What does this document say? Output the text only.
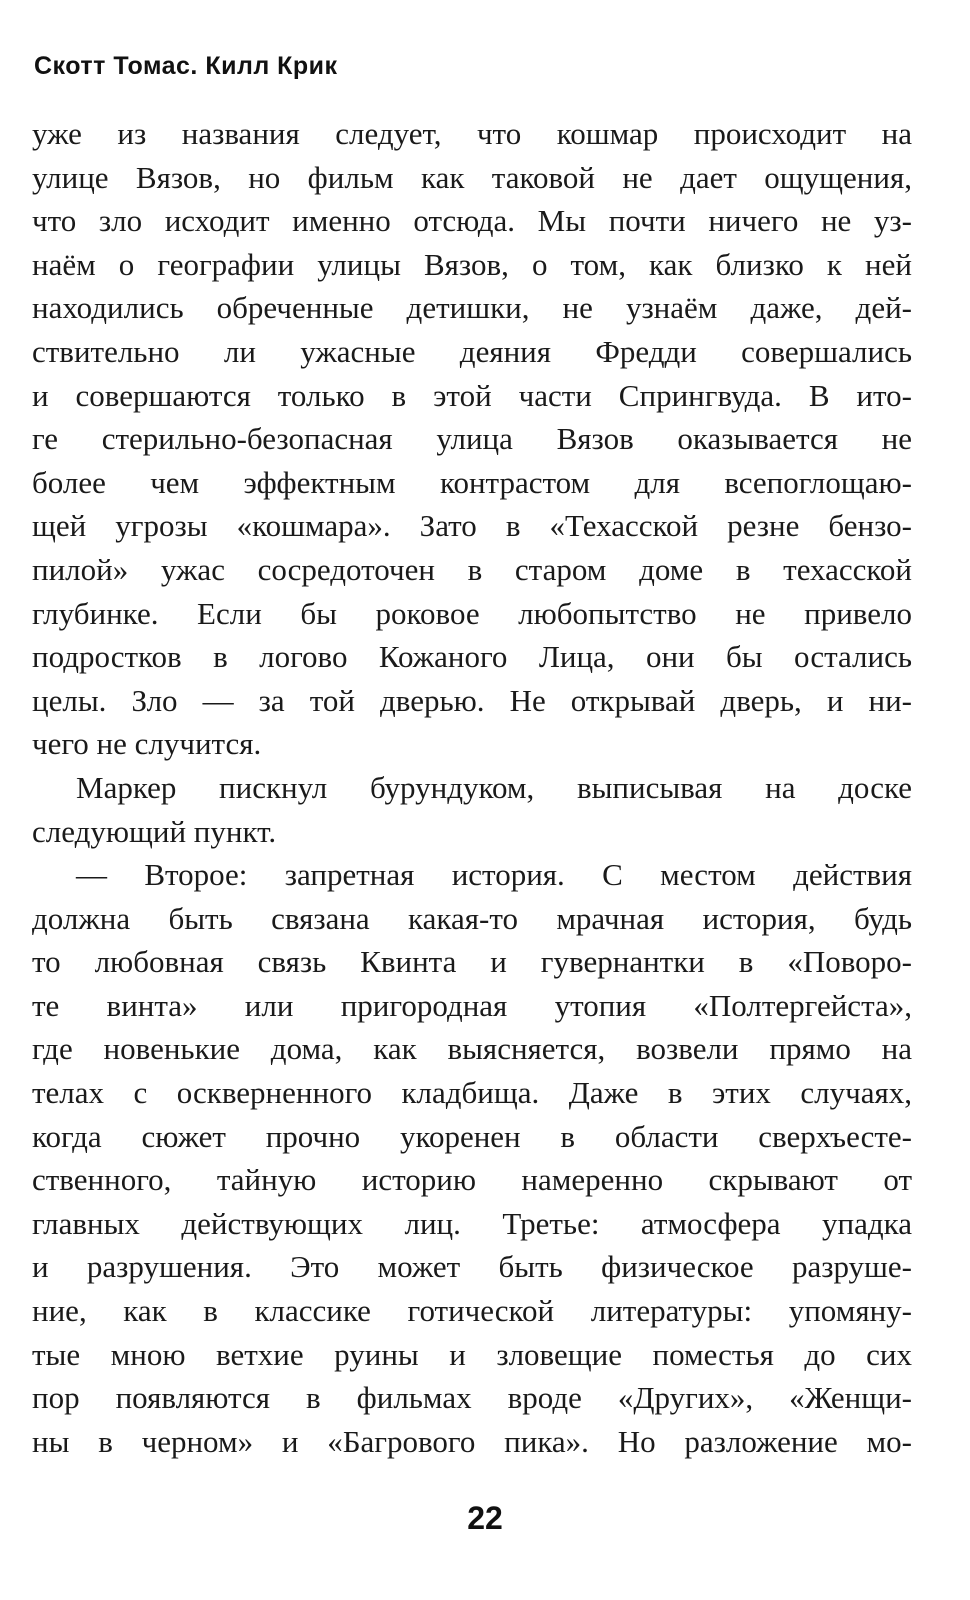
Скотт Томас. Килл Крик
уже из названия следует, что кошмар происходит на
улице Вязов, но фильм как таковой не дает ощущения,
что зло исходит именно отсюда. Мы почти ничего не уз-
наём о географии улицы Вязов, о том, как близко к ней
находились обреченные детишки, не узнаём даже, дей-
ствительно ли ужасные деяния Фредди совершались
и совершаются только в этой части Спрингвуда. В ито-
ге стерильно-безопасная улица Вязов оказывается не
более чем эффектным контрастом для всепоглощаю-
щей угрозы «кошмара». Зато в «Техасской резне бензо-
пилой» ужас сосредоточен в старом доме в техасской
глубинке. Если бы роковое любопытство не привело
подростков в логово Кожаного Лица, они бы остались
целы. Зло — за той дверью. Не открывай дверь, и ни-
чего не случится.
Маркер пискнул бурундуком, выписывая на доске
следующий пункт.
— Второе: запретная история. С местом действия
должна быть связана какая-то мрачная история, будь
то любовная связь Квинта и гувернантки в «Поворо-
те винта» или пригородная утопия «Полтергейста»,
где новенькие дома, как выясняется, возвели прямо на
телах с оскверненного кладбища. Даже в этих случаях,
когда сюжет прочно укоренен в области сверхъесте-
ственного, тайную историю намеренно скрывают от
главных действующих лиц. Третье: атмосфера упадка
и разрушения. Это может быть физическое разруше-
ние, как в классике готической литературы: упомяну-
тые мною ветхие руины и зловещие поместья до сих
пор появляются в фильмах вроде «Других», «Женщи-
ны в черном» и «Багрового пика». Но разложение мо-
22
